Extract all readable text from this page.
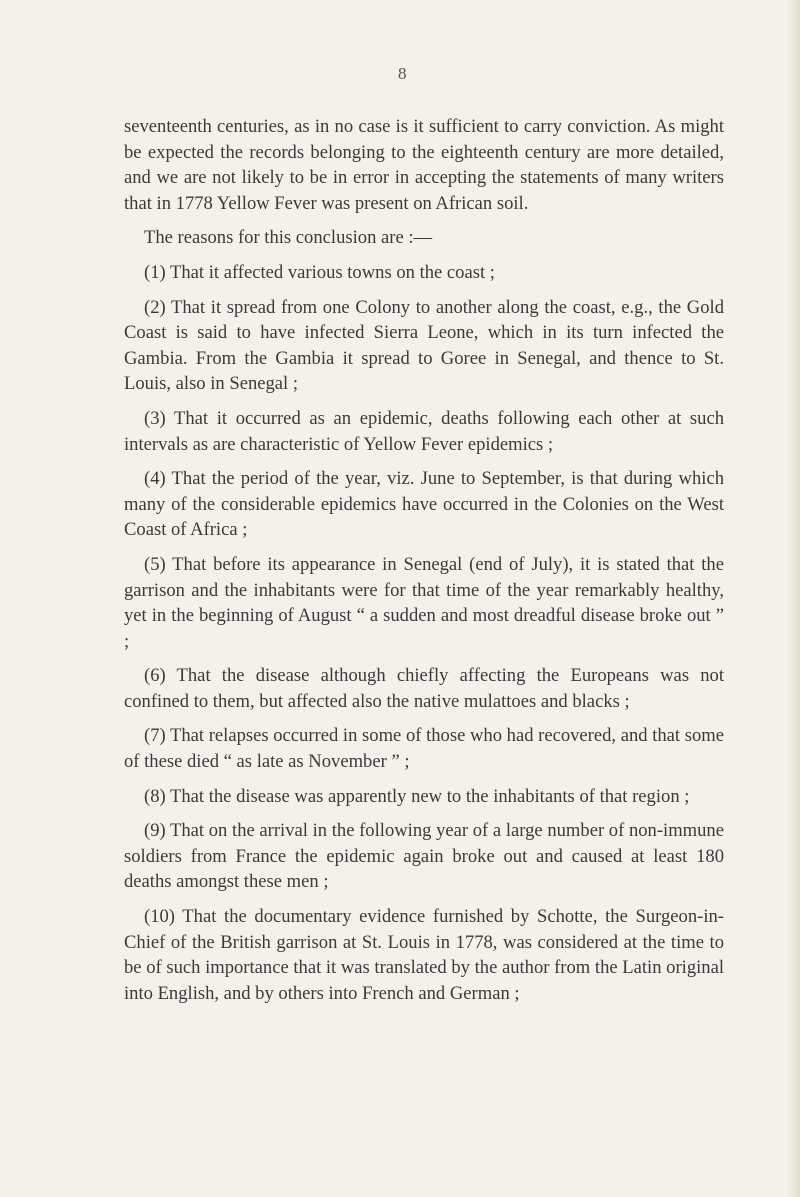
8

seventeenth centuries, as in no case is it sufficient to carry conviction. As might be expected the records belonging to the eighteenth century are more detailed, and we are not likely to be in error in accepting the statements of many writers that in 1778 Yellow Fever was present on African soil.

The reasons for this conclusion are :—

(1) That it affected various towns on the coast ;

(2) That it spread from one Colony to another along the coast, e.g., the Gold Coast is said to have infected Sierra Leone, which in its turn infected the Gambia. From the Gambia it spread to Goree in Senegal, and thence to St. Louis, also in Senegal ;

(3) That it occurred as an epidemic, deaths following each other at such intervals as are characteristic of Yellow Fever epidemics ;

(4) That the period of the year, viz. June to September, is that during which many of the considerable epidemics have occurred in the Colonies on the West Coast of Africa ;

(5) That before its appearance in Senegal (end of July), it is stated that the garrison and the inhabitants were for that time of the year remarkably healthy, yet in the beginning of August “ a sudden and most dreadful disease broke out ” ;

(6) That the disease although chiefly affecting the Europeans was not confined to them, but affected also the native mulattoes and blacks ;

(7) That relapses occurred in some of those who had recovered, and that some of these died “ as late as November ” ;

(8) That the disease was apparently new to the inhabitants of that region ;

(9) That on the arrival in the following year of a large number of non-immune soldiers from France the epidemic again broke out and caused at least 180 deaths amongst these men ;

(10) That the documentary evidence furnished by Schotte, the Surgeon-in-Chief of the British garrison at St. Louis in 1778, was considered at the time to be of such importance that it was translated by the author from the Latin original into English, and by others into French and German ;
